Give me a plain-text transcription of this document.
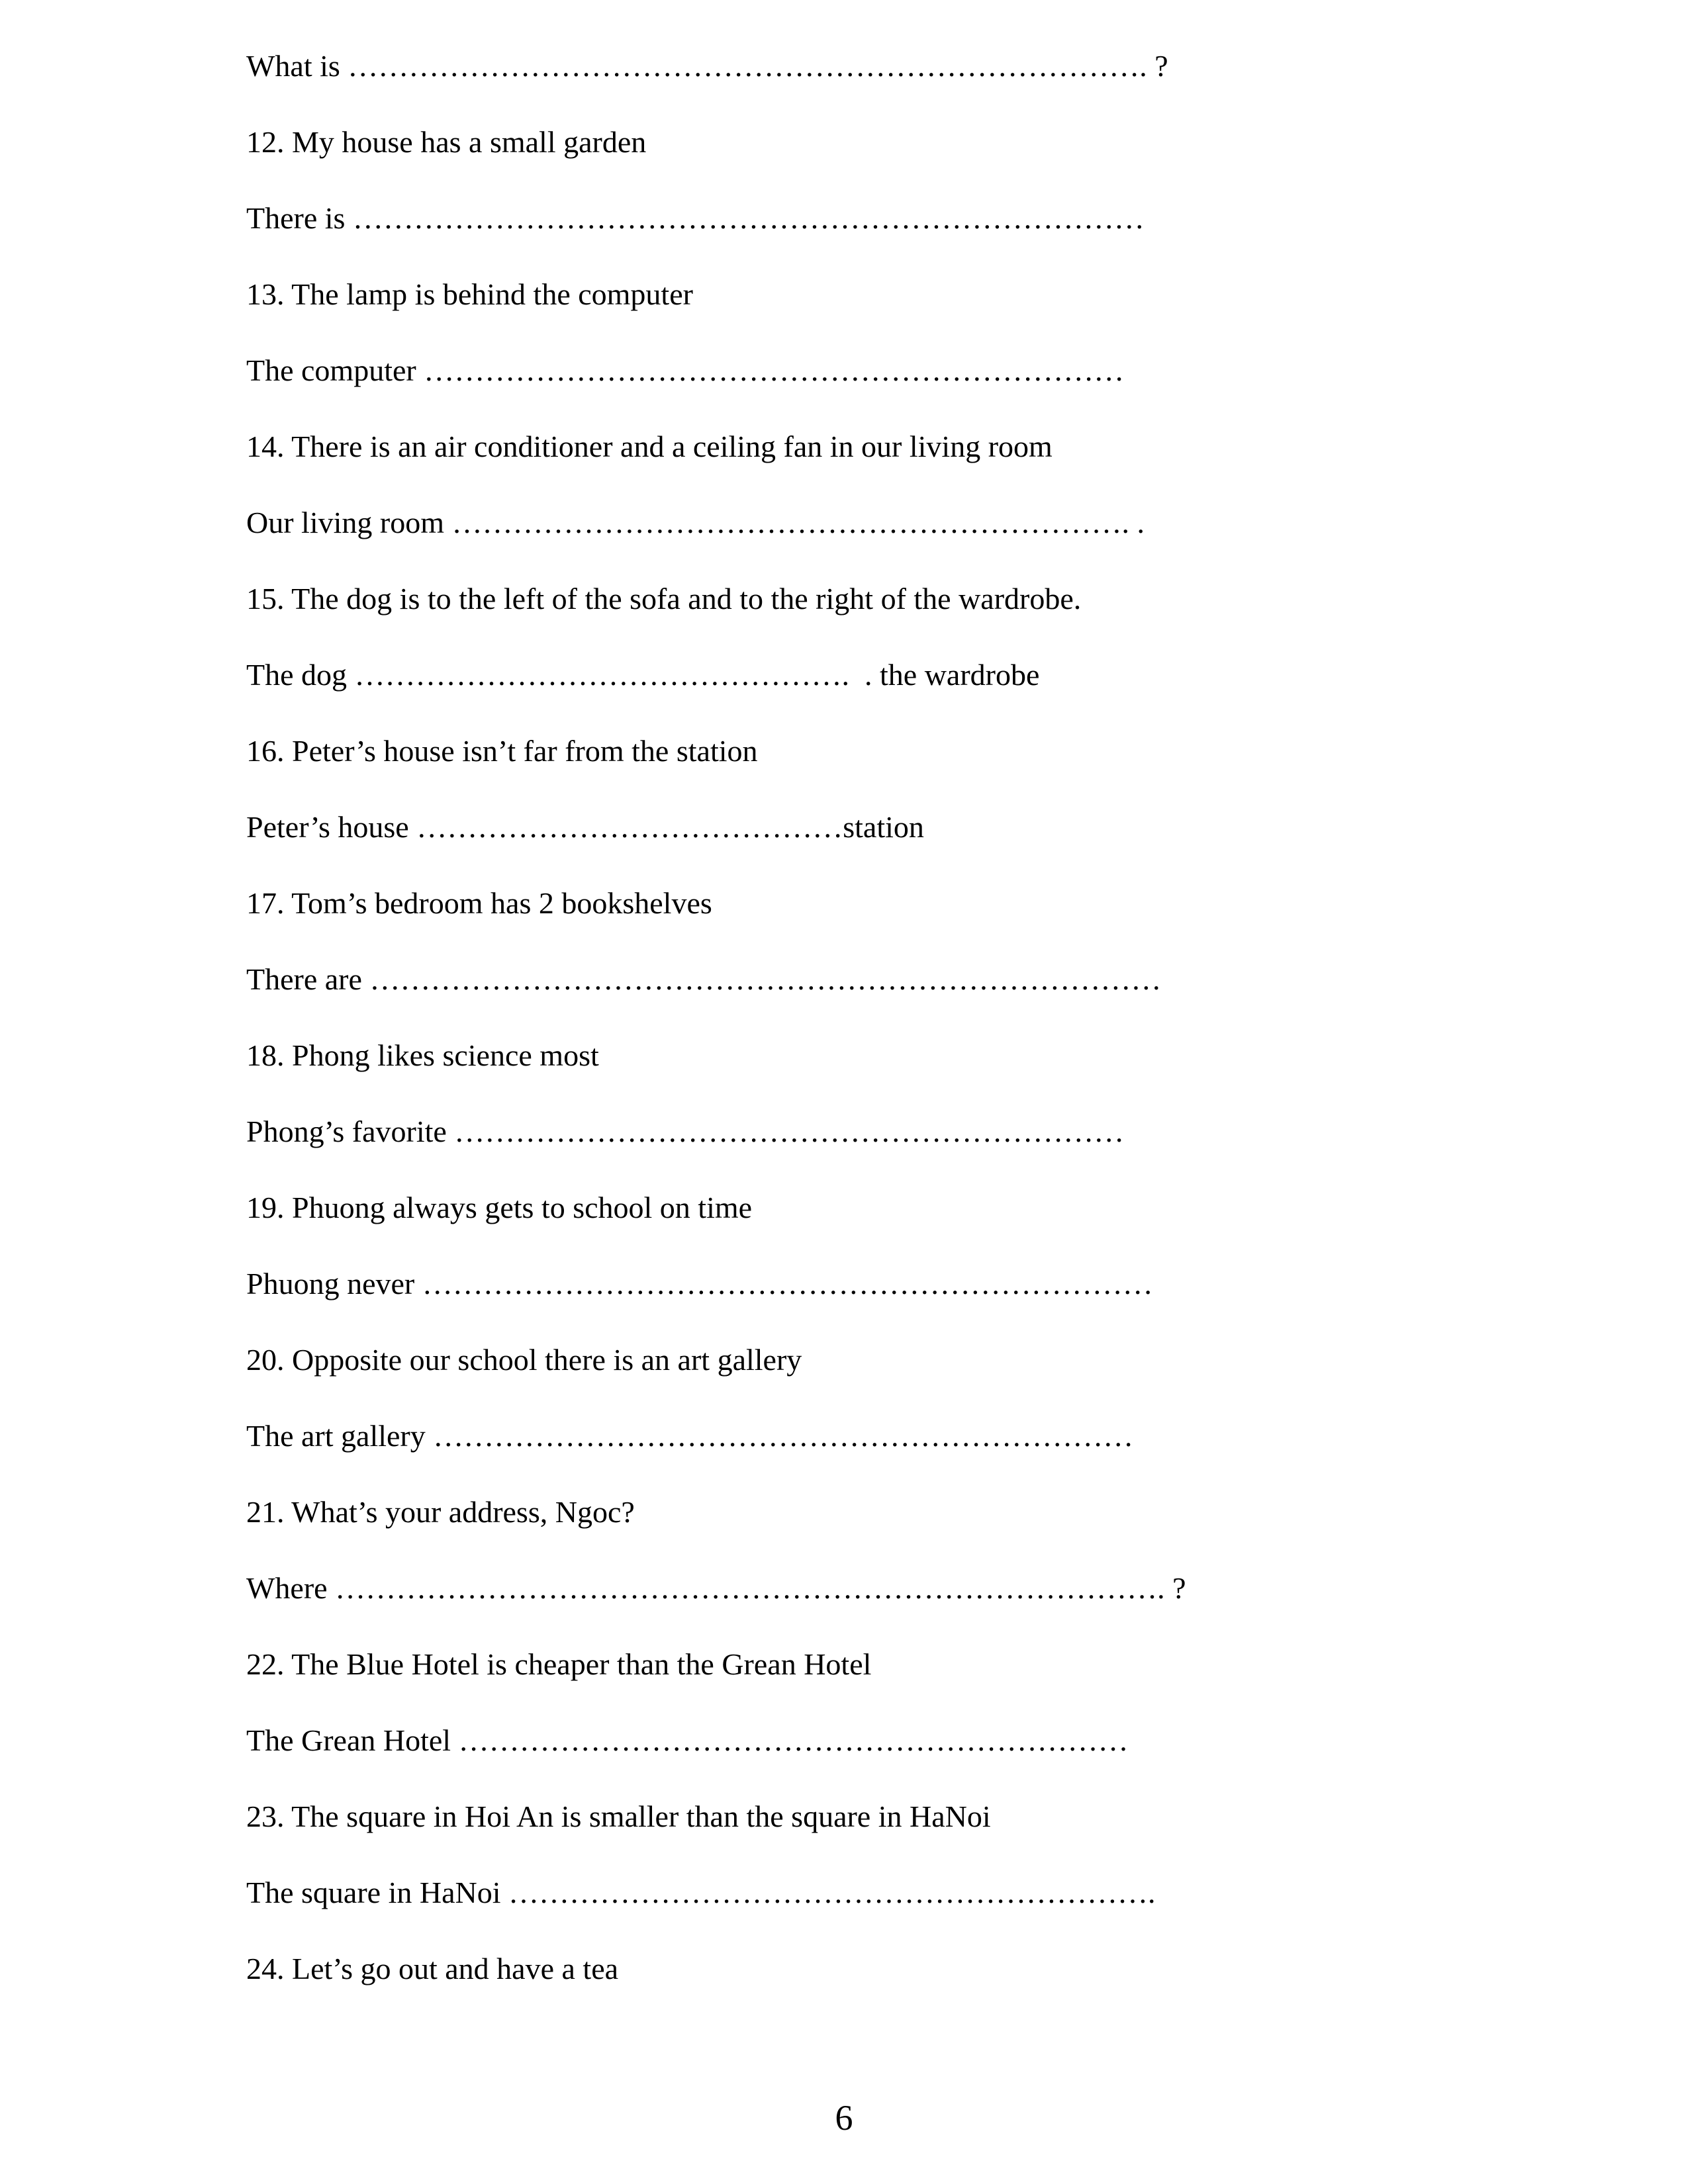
What is ……………………………………………………………………. ?
12. My house has a small garden
There is ……………………………………………………………………
13. The lamp is behind the computer
The computer ……………………………………………………………
14. There is an air conditioner and a ceiling fan in our living room
Our living room …………………………………………………………. .
15. The dog is to the left of the sofa and to the right of the wardrobe.
The dog ………………………………………….  . the wardrobe
16. Peter’s house isn’t far from the station
Peter’s house ……………………………………station
17. Tom’s bedroom has 2 bookshelves
There are ……………………………………………………………………
18. Phong likes science most
Phong’s favorite …………………………………………………………
19. Phuong always gets to school on time
Phuong never ………………………………………………………………
20. Opposite our school there is an art gallery
The art gallery ……………………………………………………………
21. What’s your address, Ngoc?
Where ………………………………………………………………………. ?
22. The Blue Hotel is cheaper than the Grean Hotel
The Grean Hotel …………………………………………………………
23. The square in Hoi An is smaller than the square in HaNoi
The square in HaNoi ……………………………………………………….
24. Let’s go out and have a tea
6
